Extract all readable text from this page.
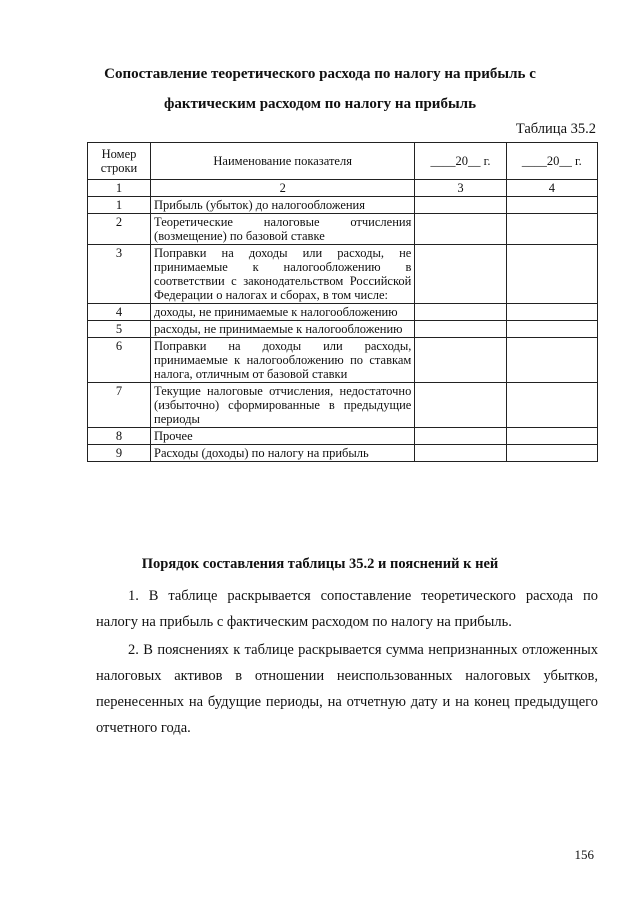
Сопоставление теоретического расхода по налогу на прибыль с
фактическим расходом по налогу на прибыль
Таблица 35.2
Номер строки	Наименование показателя	____20__ г.	____20__ г.
1	2	3	4
1	Прибыль (убыток) до налогообложения		
2	Теоретические налоговые отчисления (возмещение) по базовой ставке		
3	Поправки на доходы или расходы, не принимаемые к налогообложению в соответствии с законодательством Российской Федерации о налогах и сборах, в том числе:		
4	доходы, не принимаемые к налогообложению		
5	расходы, не принимаемые к налогообложению		
6	Поправки на доходы или расходы, принимаемые к налогообложению по ставкам налога, отличным от базовой ставки		
7	Текущие налоговые отчисления, недостаточно (избыточно) сформированные в предыдущие периоды		
8	Прочее		
9	Расходы (доходы) по налогу на прибыль		
Порядок составления таблицы 35.2 и пояснений к ней
1. В таблице раскрывается сопоставление теоретического расхода по налогу на прибыль с фактическим расходом по налогу на прибыль.
2. В пояснениях к таблице раскрывается сумма непризнанных отложенных налоговых активов в отношении неиспользованных налоговых убытков, перенесенных на будущие периоды, на отчетную дату и на конец предыдущего отчетного года.
156
